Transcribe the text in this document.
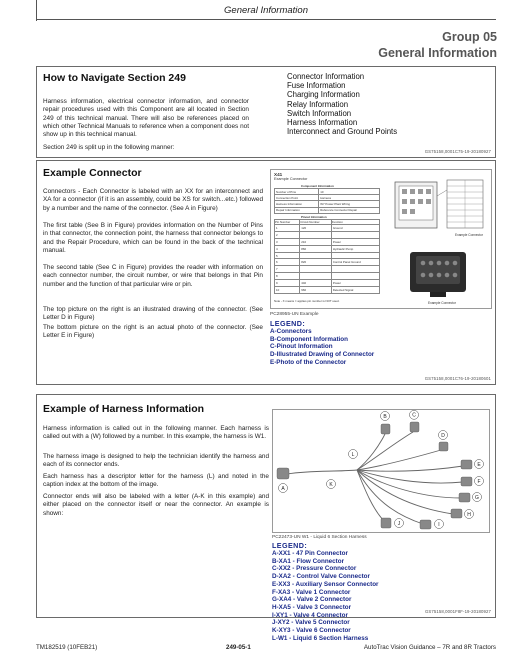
General Information
Group 05
General Information
How to Navigate Section 249
Harness information, electrical connector information, and connector repair procedures used with this Component are all located in Section 249 of this technical manual. There will also be references placed on which other Technical Manuals to reference when a component does not show up in this technical manual.
Section 249 is split up in the following manner:
Connector Information
Fuse Information
Charging Information
Relay Information
Switch Information
Harness Information
Interconnect and Ground Points
GS75158,0001C75-19-20180927
Example Connector
Connectors - Each Connector is labeled with an XX for an interconnect and XA for a connector (if it is an assembly, could be XS for switch...etc.) followed by a number and the name of the connector. (See A in Figure)
The first table (See B in Figure) provides information on the Number of Pins in that connector, the connection point, the harness that connector belongs to and the Repair Procedure, which can be found in the back of the technical manual.
The second table (See C in Figure) provides the reader with information on each connector number, the circuit number, or wire that belongs in that Pin number and the function of that particular wire or pin.
The top picture on the right is an illustrated drawing of the connector. (See Letter D in Figure)
The bottom picture on the right is an actual photo of the connector. (See Letter E in Figure)
X41
Example Connector
Component Information
Number of Pins	10
Connection Point	Harness
Harness Information	W7 Power Plant Wiring
Repair Information	Reference Connector Repair
Pinout Information
Pin Number	Circuit Number	Function
1	120	Ground
2		
3	210	Power
4	860	Hydraulic Pump
5		
6	820	Control Panel Ground
7		
8		
9	440	Power
10	960	Detected Signal
Note - X means = applies pin number is NOT used.
Example Connector
Example Connector
PC28955-UN Example
LEGEND:
A-Connectors
B-Component Information
C-Pinout Information
D-Illustrated Drawing of Connector
E-Photo of the Connector
GS75158,0001C76-19-20180601
Example of Harness Information
Harness information is called out in the following manner. Each harness is called out with a (W) followed by a number. In this example, the harness is W1.
The harness image is designed to help the technician identify the harness and each of its connector ends.
Each harness has a descriptor letter for the harness (L) and noted in the caption index at the bottom of the image.
Connector ends will also be labeled with a letter (A-K in this example) and either placed on the connector itself or near the connector. An example is shown:
L
A
B	C
D
E
F
G
H
I
J
K
PC22473-UN W1 - Liquid 6 Section Harness
LEGEND:
A-XX1 - 47 Pin Connector
B-XA1 - Flow Connector
C-XX2 - Pressure Connector
D-XA2 - Control Valve Connector
E-XX3 - Auxiliary Sensor Connector
F-XA3 - Valve 1 Connector
G-XA4 - Valve 2 Connector
H-XA5 - Valve 3 Connector
I-XY1 - Valve 4 Connector
J-XY2 - Valve 5 Connector
K-XY3 - Valve 6 Connector
L-W1 - Liquid 6 Section Harness
GS75158,0001F8F-19-20180927
TM182519 (10FEB21)	249-05-1	AutoTrac Vision Guidance – 7R and 8R Tractors
